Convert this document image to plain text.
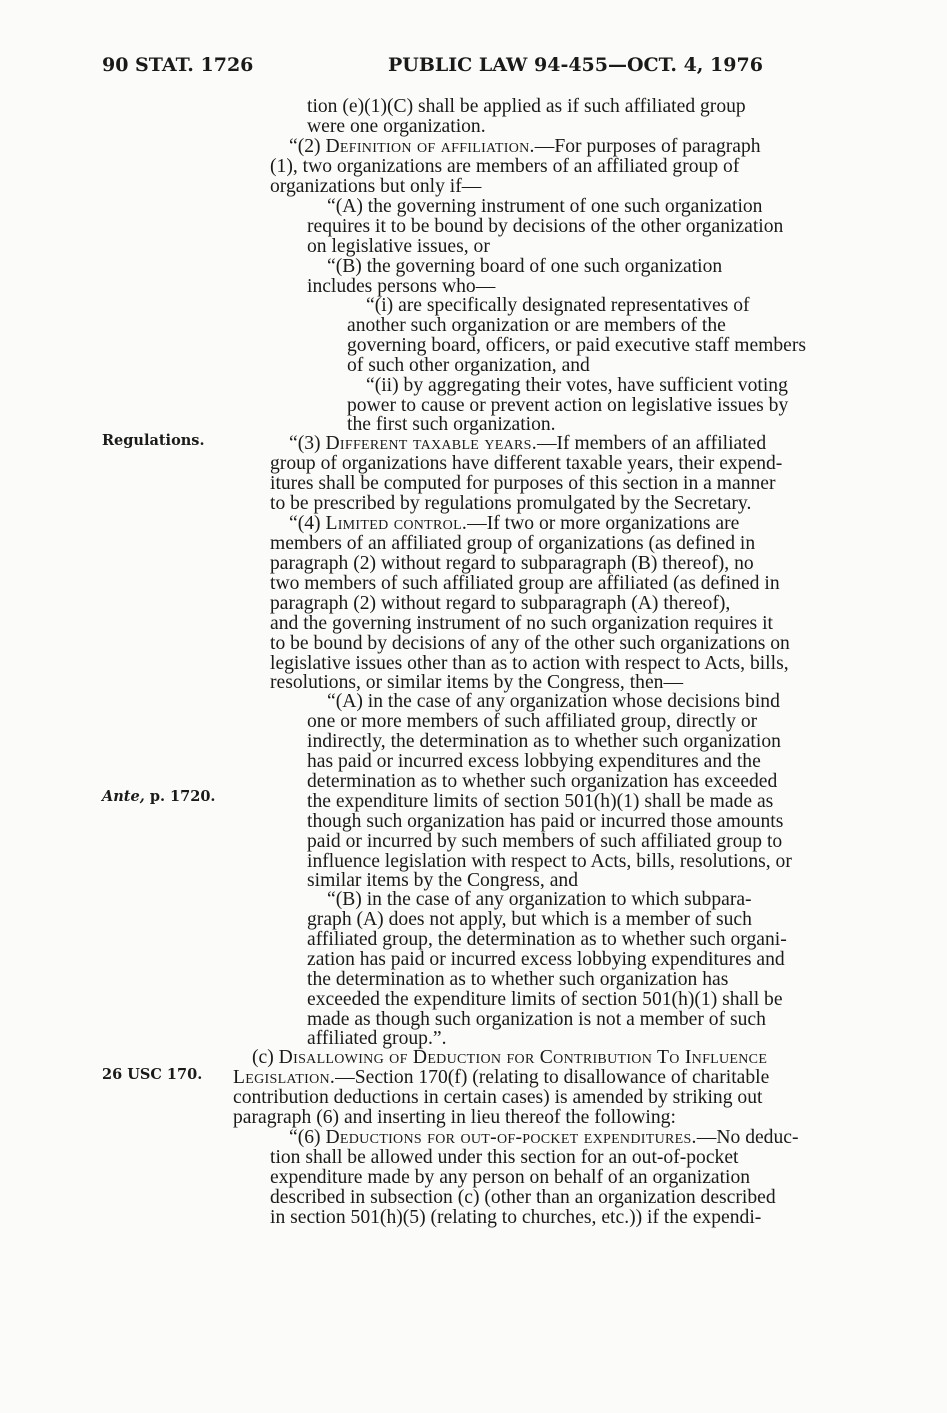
90 STAT. 1726	PUBLIC LAW 94-455—OCT. 4, 1976
Regulations.
Ante, p. 1720.
26 USC 170.
tion (e)(1)(C) shall be applied as if such affiliated group
were one organization.
“(2) Definition of affiliation.—For purposes of paragraph
(1), two organizations are members of an affiliated group of
organizations but only if—
“(A) the governing instrument of one such organization
requires it to be bound by decisions of the other organization
on legislative issues, or
“(B) the governing board of one such organization
includes persons who—
“(i) are specifically designated representatives of
another such organization or are members of the
governing board, officers, or paid executive staff members
of such other organization, and
“(ii) by aggregating their votes, have sufficient voting
power to cause or prevent action on legislative issues by
the first such organization.
“(3) Different taxable years.—If members of an affiliated
group of organizations have different taxable years, their expend-
itures shall be computed for purposes of this section in a manner
to be prescribed by regulations promulgated by the Secretary.
“(4) Limited control.—If two or more organizations are
members of an affiliated group of organizations (as defined in
paragraph (2) without regard to subparagraph (B) thereof), no
two members of such affiliated group are affiliated (as defined in
paragraph (2) without regard to subparagraph (A) thereof),
and the governing instrument of no such organization requires it
to be bound by decisions of any of the other such organizations on
legislative issues other than as to action with respect to Acts, bills,
resolutions, or similar items by the Congress, then—
“(A) in the case of any organization whose decisions bind
one or more members of such affiliated group, directly or
indirectly, the determination as to whether such organization
has paid or incurred excess lobbying expenditures and the
determination as to whether such organization has exceeded
the expenditure limits of section 501(h)(1) shall be made as
though such organization has paid or incurred those amounts
paid or incurred by such members of such affiliated group to
influence legislation with respect to Acts, bills, resolutions, or
similar items by the Congress, and
“(B) in the case of any organization to which subpara-
graph (A) does not apply, but which is a member of such
affiliated group, the determination as to whether such organi-
zation has paid or incurred excess lobbying expenditures and
the determination as to whether such organization has
exceeded the expenditure limits of section 501(h)(1) shall be
made as though such organization is not a member of such
affiliated group.”.
(c) Disallowing of Deduction for Contribution To Influence
Legislation.—Section 170(f) (relating to disallowance of charitable
contribution deductions in certain cases) is amended by striking out
paragraph (6) and inserting in lieu thereof the following:
“(6) Deductions for out-of-pocket expenditures.—No deduc-
tion shall be allowed under this section for an out-of-pocket
expenditure made by any person on behalf of an organization
described in subsection (c) (other than an organization described
in section 501(h)(5) (relating to churches, etc.)) if the expendi-
